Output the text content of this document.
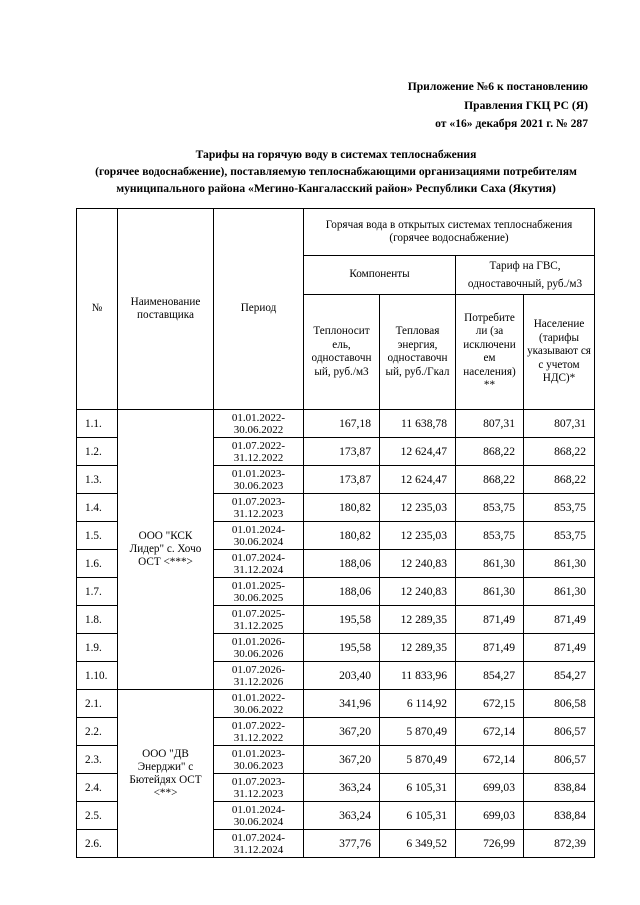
Приложение №6 к постановлению
Правления ГКЦ РС (Я)
от «16» декабря 2021 г. № 287
Тарифы на горячую воду в системах теплоснабжения
(горячее водоснабжение), поставляемую теплоснабжающими организациями потребителям
муниципального района «Мегино-Кангаласский район» Республики Саха (Якутия)
№	Наименование поставщика	Период	Горячая вода в открытых системах теплоснабжения (горячее водоснабжение)			
			Компоненты		Тариф на ГВС, одноставочный, руб./м3	
			Теплоносит ель, одноставочн ый, руб./м3	Тепловая энергия, одноставочн ый, руб./Гкал	Потребите ли (за исключени ем населения) **	Население (тарифы указывают ся с учетом НДС)*
1.1.	ООО "КСК Лидер" с. Хочо ОСТ <***>	01.01.2022-30.06.2022	167,18	11 638,78	807,31	807,31
1.2.		01.07.2022-31.12.2022	173,87	12 624,47	868,22	868,22
1.3.		01.01.2023-30.06.2023	173,87	12 624,47	868,22	868,22
1.4.		01.07.2023-31.12.2023	180,82	12 235,03	853,75	853,75
1.5.		01.01.2024-30.06.2024	180,82	12 235,03	853,75	853,75
1.6.		01.07.2024-31.12.2024	188,06	12 240,83	861,30	861,30
1.7.		01.01.2025-30.06.2025	188,06	12 240,83	861,30	861,30
1.8.		01.07.2025-31.12.2025	195,58	12 289,35	871,49	871,49
1.9.		01.01.2026-30.06.2026	195,58	12 289,35	871,49	871,49
1.10.		01.07.2026-31.12.2026	203,40	11 833,96	854,27	854,27
2.1.	ООО "ДВ Энерджи" с Бютейдях ОСТ <**>	01.01.2022-30.06.2022	341,96	6 114,92	672,15	806,58
2.2.		01.07.2022-31.12.2022	367,20	5 870,49	672,14	806,57
2.3.		01.01.2023-30.06.2023	367,20	5 870,49	672,14	806,57
2.4.		01.07.2023-31.12.2023	363,24	6 105,31	699,03	838,84
2.5.		01.01.2024-30.06.2024	363,24	6 105,31	699,03	838,84
2.6.		01.07.2024-31.12.2024	377,76	6 349,52	726,99	872,39
